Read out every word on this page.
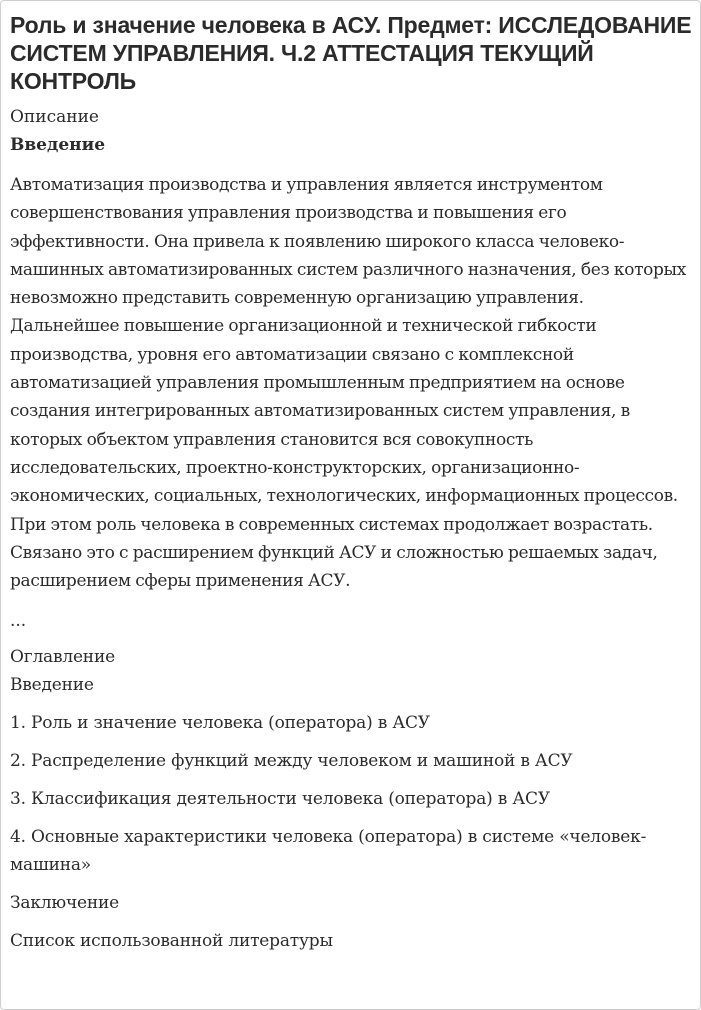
Роль и значение человека в АСУ. Предмет: ИССЛЕДОВАНИЕ СИСТЕМ УПРАВЛЕНИЯ. Ч.2 АТТЕСТАЦИЯ ТЕКУЩИЙ КОНТРОЛЬ

Описание

Введение

Автоматизация производства и управления является инструментом совершенствования управления производства и повышения его эффективности. Она привела к появлению широкого класса человеко-машинных автоматизированных систем различного назначения, без которых невозможно представить современную организацию управления. Дальнейшее повышение организационной и технической гибкости производства, уровня его автоматизации связано с комплексной автоматизацией управления промышленным предприятием на основе создания интегрированных автоматизированных систем управления, в которых объектом управления становится вся совокупность исследовательских, проектно-конструкторских, организационно-экономических, социальных, технологических, информационных процессов. При этом роль человека в современных системах продолжает возрастать. Связано это с расширением функций АСУ и сложностью решаемых задач, расширением сферы применения АСУ.

...

Оглавление

Введение

1. Роль и значение человека (оператора) в АСУ

2. Распределение функций между человеком и машиной в АСУ

3. Классификация деятельности человека (оператора) в АСУ

4. Основные характеристики человека (оператора) в системе «человек-машина»

Заключение

Список использованной литературы
